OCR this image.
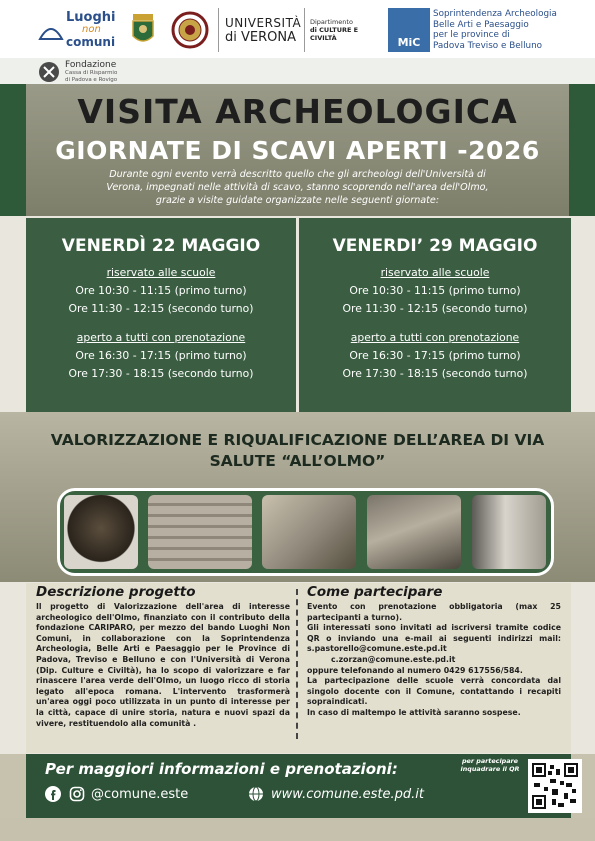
Luoghi
non
comuni
UNIVERSITÀ
di VERONA
Dipartimento
di CULTURE E CIVILTÀ	MiC
Soprintendenza Archeologia
Belle Arti e Paesaggio
per le province di
Padova Treviso e Belluno
Fondazione
Cassa di Risparmio
di Padova e Rovigo
VISITA ARCHEOLOGICA
GIORNATE DI SCAVI APERTI -2026
Durante ogni evento verrà descritto quello che gli archeologi dell'Università di Verona, impegnati nelle attività di scavo, stanno scoprendo nell'area dell'Olmo, grazie a visite guidate organizzate nelle seguenti giornate:
VENERDÌ 22 MAGGIO
riservato alle scuole
Ore 10:30 - 11:15 (primo turno)
Ore 11:30 - 12:15 (secondo turno)
aperto a tutti con prenotazione
Ore 16:30 - 17:15 (primo turno)
Ore 17:30 - 18:15 (secondo turno)
VENERDI’ 29 MAGGIO
riservato alle scuole
Ore 10:30 - 11:15 (primo turno)
Ore 11:30 - 12:15 (secondo turno)
aperto a tutti con prenotazione
Ore 16:30 - 17:15 (primo turno)
Ore 17:30 - 18:15 (secondo turno)
VALORIZZAZIONE E RIQUALIFICAZIONE DELL’AREA DI VIA
SALUTE “ALL’OLMO”
Descrizione progetto
Il progetto di Valorizzazione dell'area di interesse archeologico dell'Olmo, finanziato con il contributo della fondazione CARIPARO, per mezzo del bando Luoghi Non Comuni, in collaborazione con la Soprintendenza Archeologia, Belle Arti e Paesaggio per le Province di Padova, Treviso e Belluno e con l'Università di Verona (Dip. Culture e Civiltà), ha lo scopo di valorizzare e far rinascere l'area verde dell'Olmo, un luogo ricco di storia legato all'epoca romana. L'intervento trasformerà un'area oggi poco utilizzata in un punto di interesse per la città, capace di unire storia, natura e nuovi spazi da vivere, restituendolo alla comunità .
Come partecipare
Evento con prenotazione obbligatoria (max 25 partecipanti a turno).
Gli interessati sono invitati ad iscriversi tramite codice QR o inviando una e-mail ai seguenti indirizzi mail: s.pastorello@comune.este.pd.it
c.zorzan@comune.este.pd.it
oppure telefonando al numero 0429 617556/584.
La partecipazione delle scuole verrà concordata dal singolo docente con il Comune, contattando i recapiti sopraindicati.
In caso di maltempo le attività saranno sospese.
Per maggiori informazioni e prenotazioni:
@comune.este	www.comune.este.pd.it
per partecipare
inquadrare il QR
